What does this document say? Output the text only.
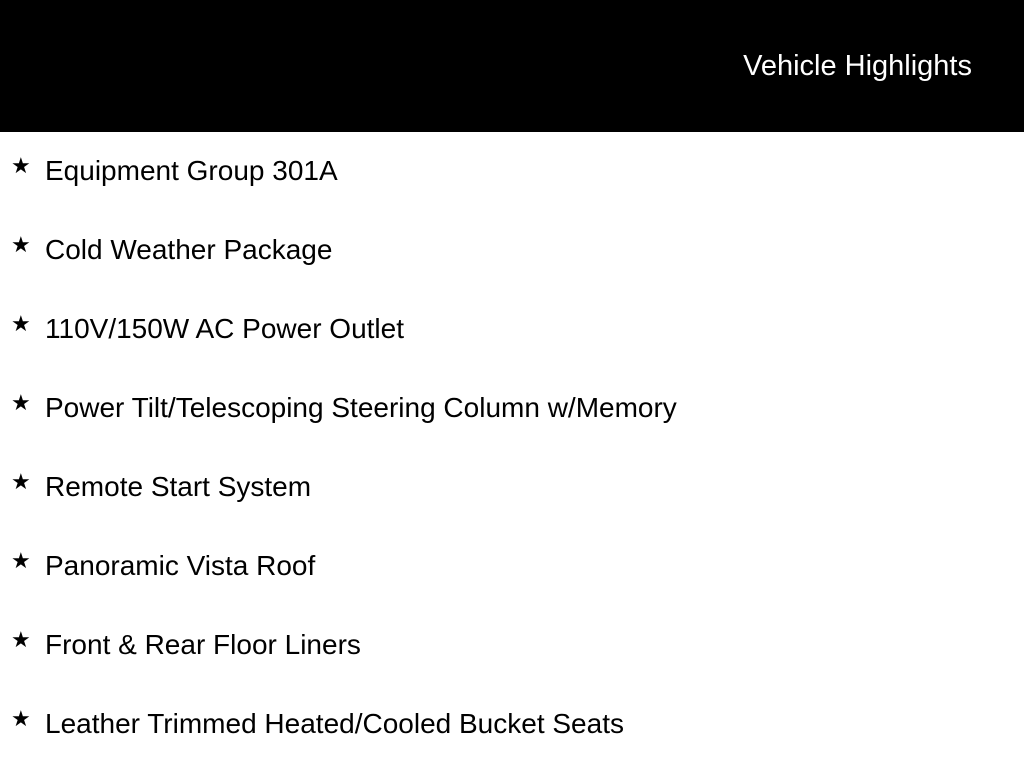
Vehicle Highlights
★ Equipment Group 301A
★ Cold Weather Package
★ 110V/150W AC Power Outlet
★ Power Tilt/Telescoping Steering Column w/Memory
★ Remote Start System
★ Panoramic Vista Roof
★ Front & Rear Floor Liners
★ Leather Trimmed Heated/Cooled Bucket Seats
